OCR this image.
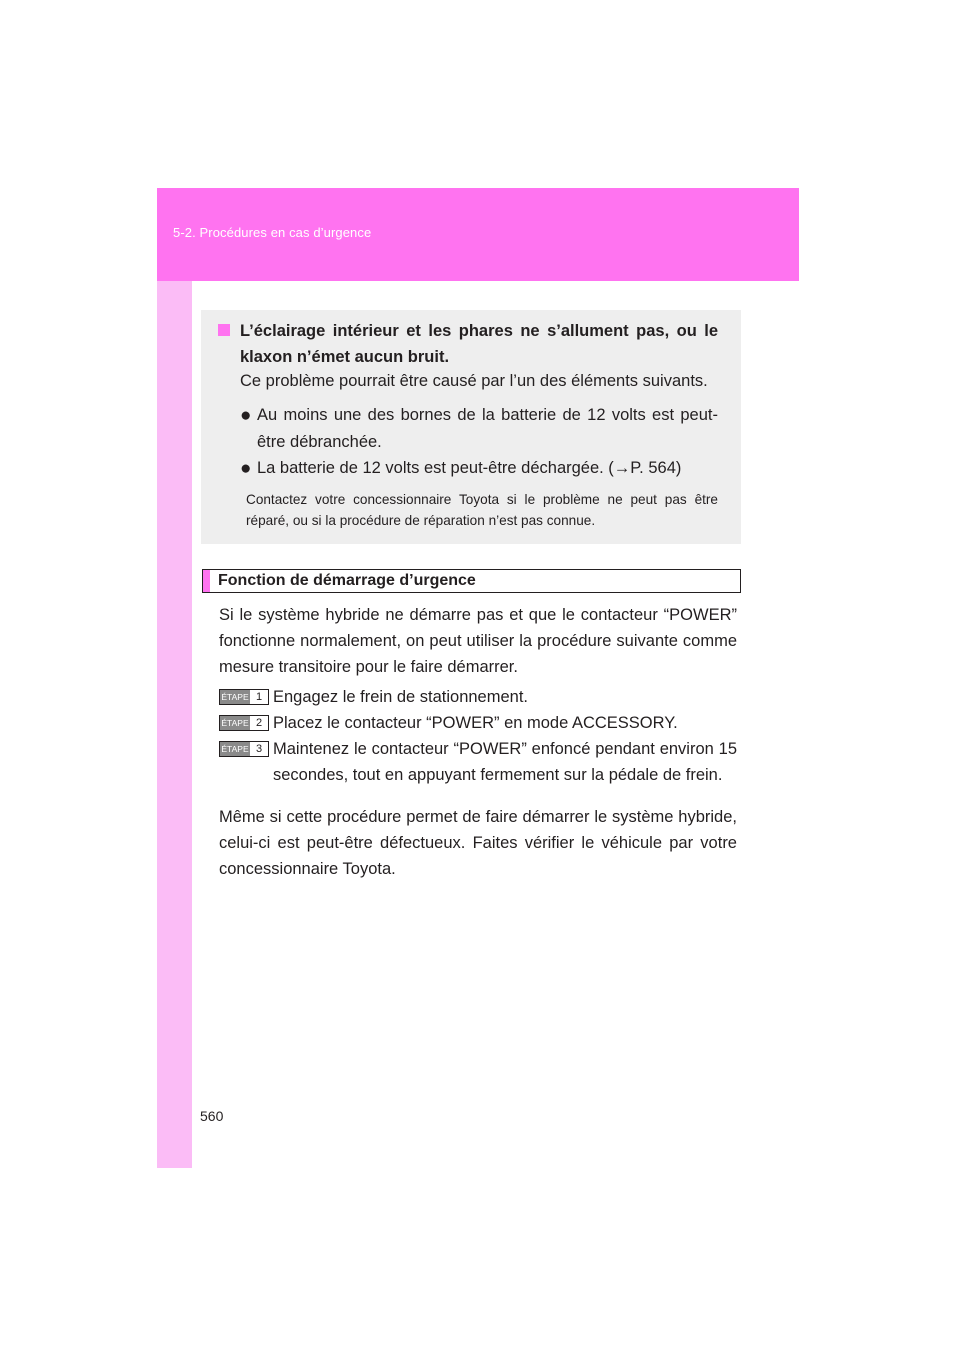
5-2. Procédures en cas d’urgence
L’éclairage intérieur et les phares ne s’allument pas, ou le klaxon n’émet aucun bruit.
Ce problème pourrait être causé par l’un des éléments suivants.
● Au moins une des bornes de la batterie de 12 volts est peut-être débranchée.
● La batterie de 12 volts est peut-être déchargée. (→P. 564)
Contactez votre concessionnaire Toyota si le problème ne peut pas être réparé, ou si la procédure de réparation n’est pas connue.
Fonction de démarrage d’urgence
Si le système hybride ne démarre pas et que le contacteur “POWER” fonctionne normalement, on peut utiliser la procédure suivante comme mesure transitoire pour le faire démarrer.
ÉTAPE 1 Engagez le frein de stationnement.
ÉTAPE 2 Placez le contacteur “POWER” en mode ACCESSORY.
ÉTAPE 3 Maintenez le contacteur “POWER” enfoncé pendant environ 15 secondes, tout en appuyant fermement sur la pédale de frein.
Même si cette procédure permet de faire démarrer le système hybride, celui-ci est peut-être défectueux. Faites vérifier le véhicule par votre concessionnaire Toyota.
560
